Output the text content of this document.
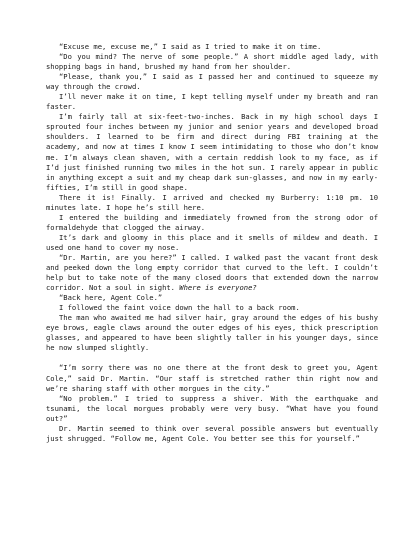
“Excuse me, excuse me,” I said as I tried to make it on time.

“Do you mind? The nerve of some people.” A short middle aged lady, with shopping bags in hand, brushed my hand from her shoulder.

“Please, thank you,” I said as I passed her and continued to squeeze my way through the crowd.

I’ll never make it on time, I kept telling myself under my breath and ran faster.

I’m fairly tall at six-feet-two-inches. Back in my high school days I sprouted four inches between my junior and senior years and developed broad shoulders. I learned to be firm and direct during FBI training at the academy, and now at times I know I seem intimidating to those who don’t know me. I’m always clean shaven, with a certain reddish look to my face, as if I’d just finished running two miles in the hot sun. I rarely appear in public in anything except a suit and my cheap dark sun-glasses, and now in my early-fifties, I’m still in good shape.

There it is! Finally. I arrived and checked my Burberry: 1:10 pm. 10 minutes late. I hope he’s still here.

I entered the building and immediately frowned from the strong odor of formaldehyde that clogged the airway.

It’s dark and gloomy in this place and it smells of mildew and death. I used one hand to cover my nose.

“Dr. Martin, are you here?” I called. I walked past the vacant front desk and peeked down the long empty corridor that curved to the left. I couldn’t help but to take note of the many closed doors that extended down the narrow corridor. Not a soul in sight. Where is everyone?

“Back here, Agent Cole.”

I followed the faint voice down the hall to a back room.

The man who awaited me had silver hair, gray around the edges of his bushy eye brows, eagle claws around the outer edges of his eyes, thick prescription glasses, and appeared to have been slightly taller in his younger days, since he now slumped slightly.

“I’m sorry there was no one there at the front desk to greet you, Agent Cole,” said Dr. Martin. “Our staff is stretched rather thin right now and we’re sharing staff with other morgues in the city.”

“No problem.” I tried to suppress a shiver. With the earthquake and tsunami, the local morgues probably were very busy. “What have you found out?”

Dr. Martin seemed to think over several possible answers but eventually just shrugged. “Follow me, Agent Cole. You better see this for yourself.”
